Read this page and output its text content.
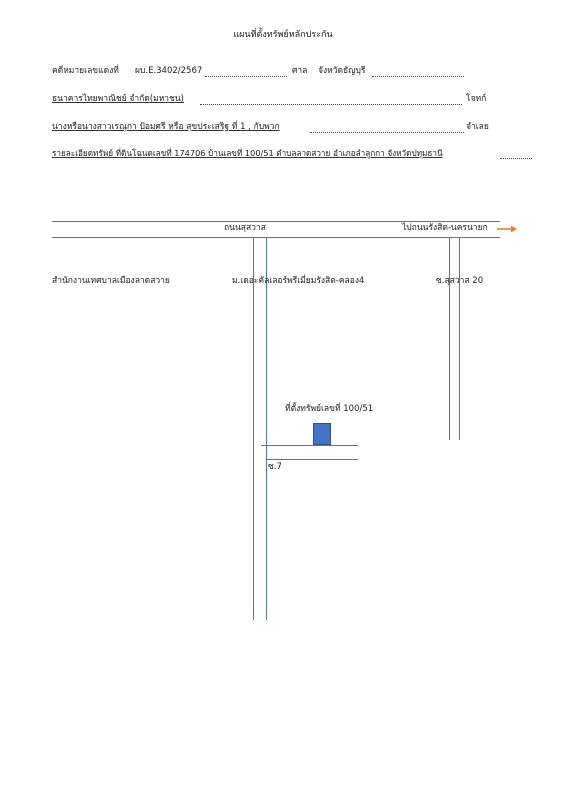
แผนที่ตั้งทรัพย์หลักประกัน
คดีหมายเลขแดงที่ ผบ.E.3402/2567	ศาล จังหวัดธัญบุรี
ธนาคารไทยพาณิชย์ จำกัด(มหาชน)	โจทก์
นางหรือนางสาวเรณุกา ป้อมศรี หรือ สุขประเสริฐ ที่ 1 , กับพวก	จำเลย
รายละเอียดทรัพย์ ที่ดินโฉนดเลขที่ 174706 บ้านเลขที่ 100/51 ตำบลลาดสวาย อำเภอลำลูกกา จังหวัดปทุมธานี
ถนนสุสวาส	ไปถนนรังสิต-นครนายก
สำนักงานเทศบาลเมืองลาดสวาย	ม.เดอะคัลเลอร์พรีเมี่ยมรังสิต-คลอง4	ซ.สุสวาส 20
ที่ตั้งทรัพย์เลขที่ 100/51
ซ.7
